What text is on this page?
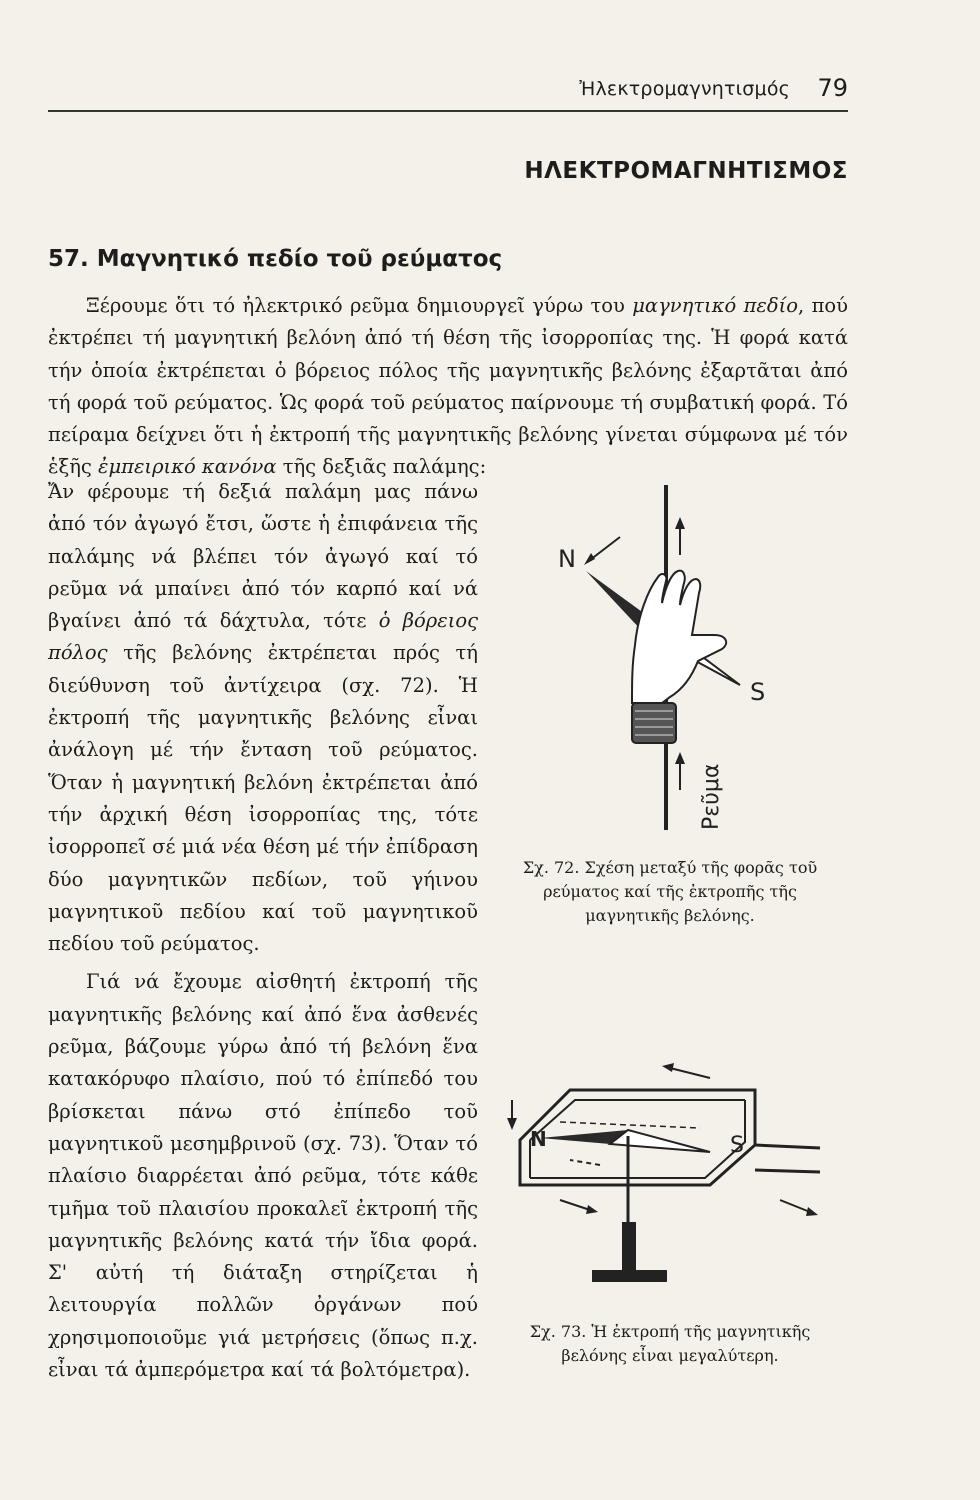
Ἠλεκτρομαγνητισμός 79
ΗΛΕΚΤΡΟΜΑΓΝΗΤΙΣΜΟΣ
57. Μαγνητικό πεδίο τοῦ ρεύματος

Ξέρουμε ὅτι τό ἠλεκτρικό ρεῦμα δημιουργεῖ γύρω του μαγνητικό πεδίο, πού ἐκτρέπει τή μαγνητική βελόνη ἀπό τή θέση τῆς ἰσορροπίας της. Ἡ φορά κατά τήν ὁποία ἐκτρέπεται ὁ βόρειος πόλος τῆς μαγνητικῆς βελόνης ἐξαρτᾶται ἀπό τή φορά τοῦ ρεύματος. Ὡς φορά τοῦ ρεύματος παίρνουμε τή συμβατική φορά. Τό πείραμα δείχνει ὅτι ἡ ἐκτροπή τῆς μαγνητικῆς βελόνης γίνεται σύμφωνα μέ τόν ἑξῆς ἐμπειρικό κανόνα τῆς δεξιᾶς παλάμης:

Ἄν φέρουμε τή δεξιά παλάμη μας πάνω ἀπό τόν ἀγωγό ἔτσι, ὥστε ἡ ἐπιφάνεια τῆς παλάμης νά βλέπει τόν ἀγωγό καί τό ρεῦμα νά μπαίνει ἀπό τόν καρπό καί νά βγαίνει ἀπό τά δάχτυλα, τότε ὁ βόρειος πόλος τῆς βελόνης ἐκτρέπεται πρός τή διεύθυνση τοῦ ἀντίχειρα (σχ. 72). Ἡ ἐκτροπή τῆς μαγνητικῆς βελόνης εἶναι ἀνάλογη μέ τήν ἔνταση τοῦ ρεύματος. Ὅταν ἡ μαγνητική βελόνη ἐκτρέπεται ἀπό τήν ἀρχική θέση ἰσορροπίας της, τότε ἰσορροπεῖ σέ μιά νέα θέση μέ τήν ἐπίδραση δύο μαγνητικῶν πεδίων, τοῦ γήινου μαγνητικοῦ πεδίου καί τοῦ μαγνητικοῦ πεδίου τοῦ ρεύματος.

Γιά νά ἔχουμε αἰσθητή ἐκτροπή τῆς μαγνητικῆς βελόνης καί ἀπό ἕνα ἀσθενές ρεῦμα, βάζουμε γύρω ἀπό τή βελόνη ἕνα κατακόρυφο πλαίσιο, πού τό ἐπίπεδό του βρίσκεται πάνω στό ἐπίπεδο τοῦ μαγνητικοῦ μεσημβρινοῦ (σχ. 73). Ὅταν τό πλαίσιο διαρρέεται ἀπό ρεῦμα, τότε κάθε τμῆμα τοῦ πλαισίου προκαλεῖ ἐκτροπή τῆς μαγνητικῆς βελόνης κατά τήν ἴδια φορά. Σ' αὐτή τή διάταξη στηρίζεται ἡ λειτουργία πολλῶν ὀργάνων πού χρησιμοποιοῦμε γιά μετρήσεις (ὅπως π.χ. εἶναι τά ἀμπερόμετρα καί τά βολτόμετρα).

N
S
Ρεῦμα
Σχ. 72. Σχέση μεταξύ τῆς φορᾶς τοῦ ρεύματος καί τῆς ἐκτροπῆς τῆς μαγνητικῆς βελόνης.
N	S
Σχ. 73. Ἡ ἐκτροπή τῆς μαγνητικῆς βελόνης εἶναι μεγαλύτερη.
